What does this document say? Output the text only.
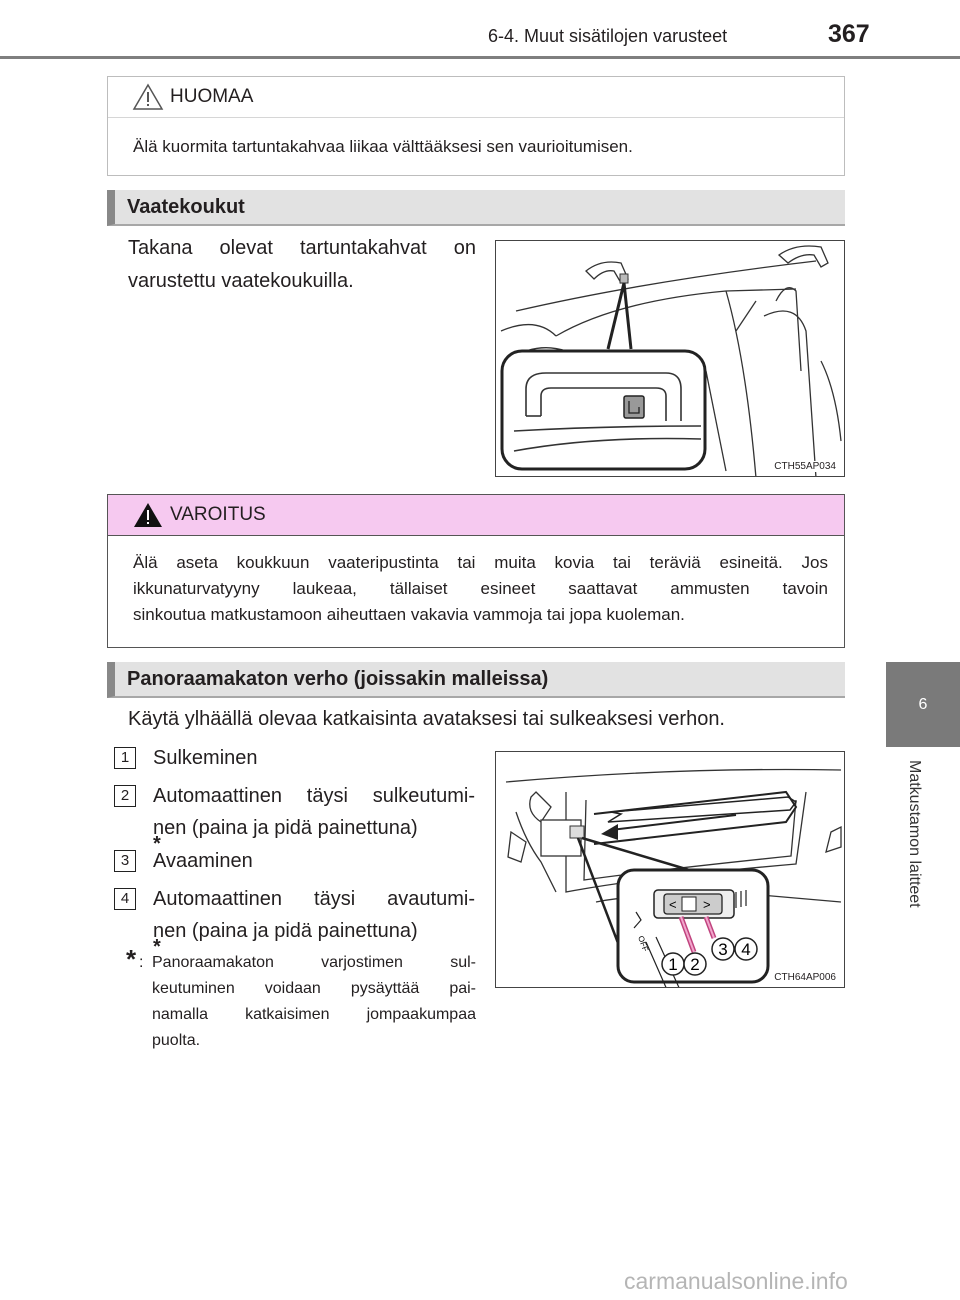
6-4. Muut sisätilojen varusteet	367
6
Matkustamon laitteet
HUOMAA
Älä kuormita tartuntakahvaa liikaa välttääksesi sen vaurioitumisen.
Vaatekoukut
Takana olevat tartuntakahvat on
varustettu vaatekoukuilla.
CTH55AP034
VAROITUS
Älä aseta koukkuun vaateripustinta tai muita kovia tai teräviä esineitä. Jos
ikkunaturvatyyny laukeaa, tällaiset esineet saattavat ammusten tavoin
sinkoutua matkustamoon aiheuttaen vakavia vammoja tai jopa kuoleman.
Panoraamakaton verho (joissakin malleissa)
Käytä ylhäällä olevaa katkaisinta avataksesi tai sulkeaksesi verhon.
1	Sulkeminen
2	Automaattinen täysi sulkeutumi-
nen (paina ja pidä painettuna)
*
3	Avaaminen
4	Automaattinen täysi avautumi-
nen (paina ja pidä painettuna)
*
* : Panoraamakaton varjostimen sul-
keutuminen voidaan pysäyttää pai-
namalla katkaisimen jompaakumpaa
puolta.
< >
OFF
1 2
3 4
CTH64AP006
carmanualsonline.info
